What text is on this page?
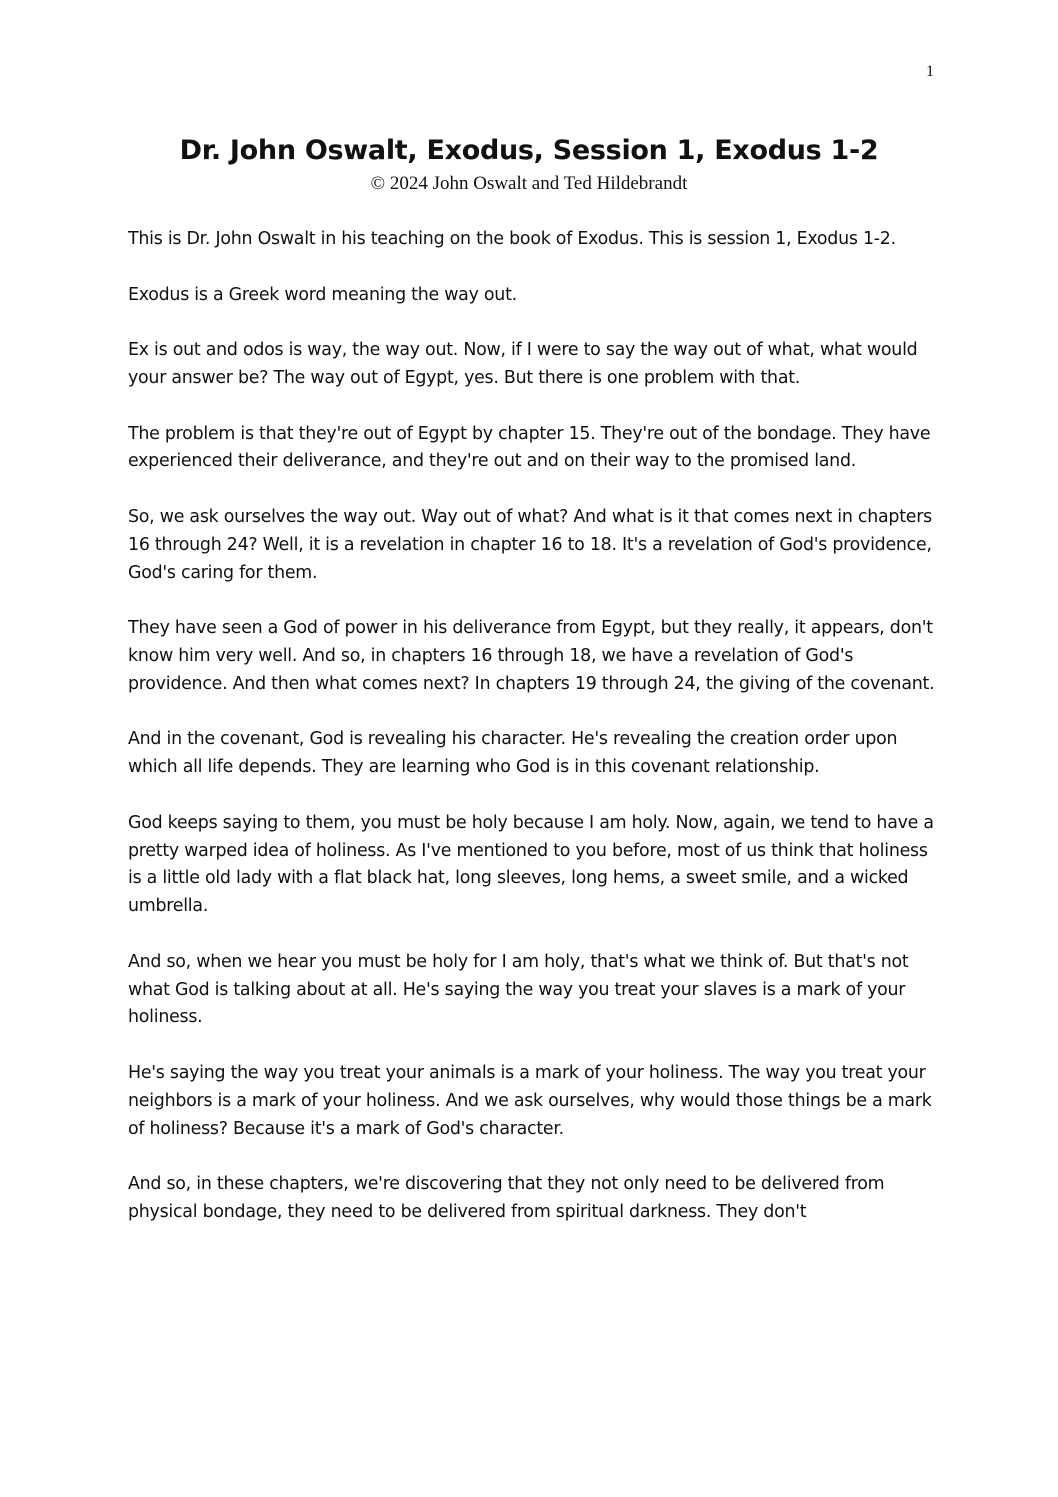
1
Dr. John Oswalt, Exodus, Session 1, Exodus 1-2
© 2024 John Oswalt and Ted Hildebrandt

This is Dr. John Oswalt in his teaching on the book of Exodus. This is session 1, Exodus 1-2.

Exodus is a Greek word meaning the way out.

Ex is out and odos is way, the way out. Now, if I were to say the way out of what, what would your answer be? The way out of Egypt, yes. But there is one problem with that.

The problem is that they're out of Egypt by chapter 15. They're out of the bondage. They have experienced their deliverance, and they're out and on their way to the promised land.

So, we ask ourselves the way out. Way out of what? And what is it that comes next in chapters 16 through 24? Well, it is a revelation in chapter 16 to 18. It's a revelation of God's providence, God's caring for them.

They have seen a God of power in his deliverance from Egypt, but they really, it appears, don't know him very well. And so, in chapters 16 through 18, we have a revelation of God's providence. And then what comes next? In chapters 19 through 24, the giving of the covenant.

And in the covenant, God is revealing his character. He's revealing the creation order upon which all life depends. They are learning who God is in this covenant relationship.

God keeps saying to them, you must be holy because I am holy. Now, again, we tend to have a pretty warped idea of holiness. As I've mentioned to you before, most of us think that holiness is a little old lady with a flat black hat, long sleeves, long hems, a sweet smile, and a wicked umbrella.

And so, when we hear you must be holy for I am holy, that's what we think of. But that's not what God is talking about at all. He's saying the way you treat your slaves is a mark of your holiness.

He's saying the way you treat your animals is a mark of your holiness. The way you treat your neighbors is a mark of your holiness. And we ask ourselves, why would those things be a mark of holiness? Because it's a mark of God's character.

And so, in these chapters, we're discovering that they not only need to be delivered from physical bondage, they need to be delivered from spiritual darkness. They don't
